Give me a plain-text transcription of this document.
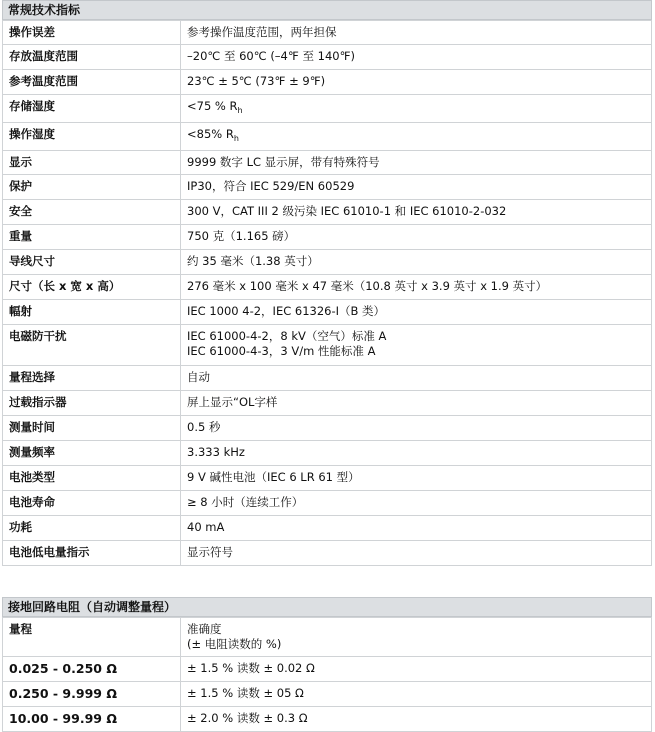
常规技术指标
操作误差	参考操作温度范围，两年担保
存放温度范围	–20℃ 至 60℃ (–4℉ 至 140℉)
参考温度范围	23℃ ± 5℃ (73℉ ± 9℉)
存储湿度	<75 % $R_h$
操作湿度	<85% $R_h$
显示	9999 数字 LC 显示屏，带有特殊符号
保护	IP30，符合 IEC 529/EN 60529
安全	300 V，CAT III 2 级污染 IEC 61010-1 和 IEC 61010-2-032
重量	750 克（1.165 磅）
导线尺寸	约 35 毫米（1.38 英寸）
尺寸（长 x 宽 x 高）	276 毫米 x 100 毫米 x 47 毫米（10.8 英寸 x 3.9 英寸 x 1.9 英寸）
幅射	IEC 1000 4-2，IEC 61326-I（B 类）
电磁防干扰	IEC 61000-4-2，8 kV（空气）标准 A
IEC 61000-4-3，3 V/m 性能标准 A
量程选择	自动
过载指示器	屏上显示“OL字样
测量时间	0.5 秒
测量频率	3.333 kHz
电池类型	9 V 碱性电池（IEC 6 LR 61 型）
电池寿命	≥ 8 小时（连续工作）
功耗	40 mA
电池低电量指示	显示符号
接地回路电阻（自动调整量程）
量程	准确度
(± 电阻读数的 %)
0.025 - 0.250 Ω	± 1.5 % 读数 ± 0.02 Ω
0.250 - 9.999 Ω	± 1.5 % 读数 ± 05 Ω
10.00 - 99.99 Ω	± 2.0 % 读数 ± 0.3 Ω
